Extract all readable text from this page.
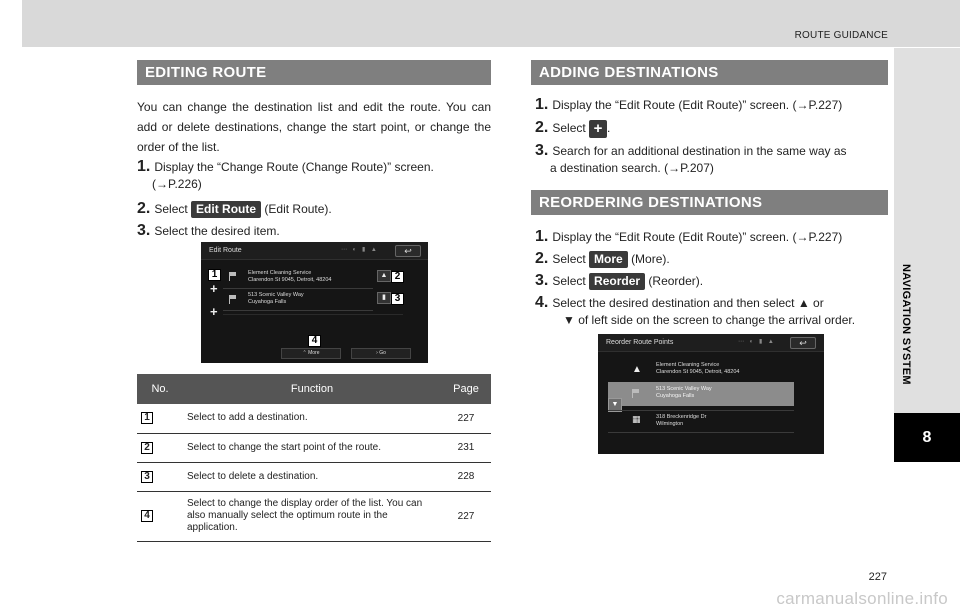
ROUTE GUIDANCE
NAVIGATION SYSTEM
8
EDITING ROUTE
You can change the destination list and edit the route. You can add or delete destinations, change the start point, or change the order of the list.
1. Display the “Change Route (Change Route)” screen.
(→P.226)
2. Select Edit Route (Edit Route).
3. Select the desired item.
Edit Route	⋯ ◐ ▮ ▲	↩
Element Cleaning Service
Clarendon St 9045, Detroit, 48204
513 Scenic Valley Way
Cuyahoga Falls
+
+
▲
▮
1	2
3
4
⌃ More	› Go
No.	Function	Page
1	Select to add a destination.	227
2	Select to change the start point of the route.	231
3	Select to delete a destination.	228
4	Select to change the display order of the list. You can also manually select the optimum route in the application.	227
ADDING DESTINATIONS
1. Display the “Edit Route (Edit Route)” screen. (→P.227)
2. Select + .
3. Search for an additional destination in the same way as
a destination search. (→P.207)
REORDERING DESTINATIONS
1. Display the “Edit Route (Edit Route)” screen. (→P.227)
2. Select More (More).
3. Select Reorder (Reorder).
4. Select the desired destination and then select ▲ or
▼ of left side on the screen to change the arrival order.
Reorder Route Points	⋯ ◐ ▮ ▲	↩
▲	Element Cleaning Service
Clarendon St 9045, Detroit, 48204
513 Scenic Valley Way
Cuyahoga Falls
▼
▦	318 Breckenridge Dr
Wilmington
227
carmanualsonline.info
